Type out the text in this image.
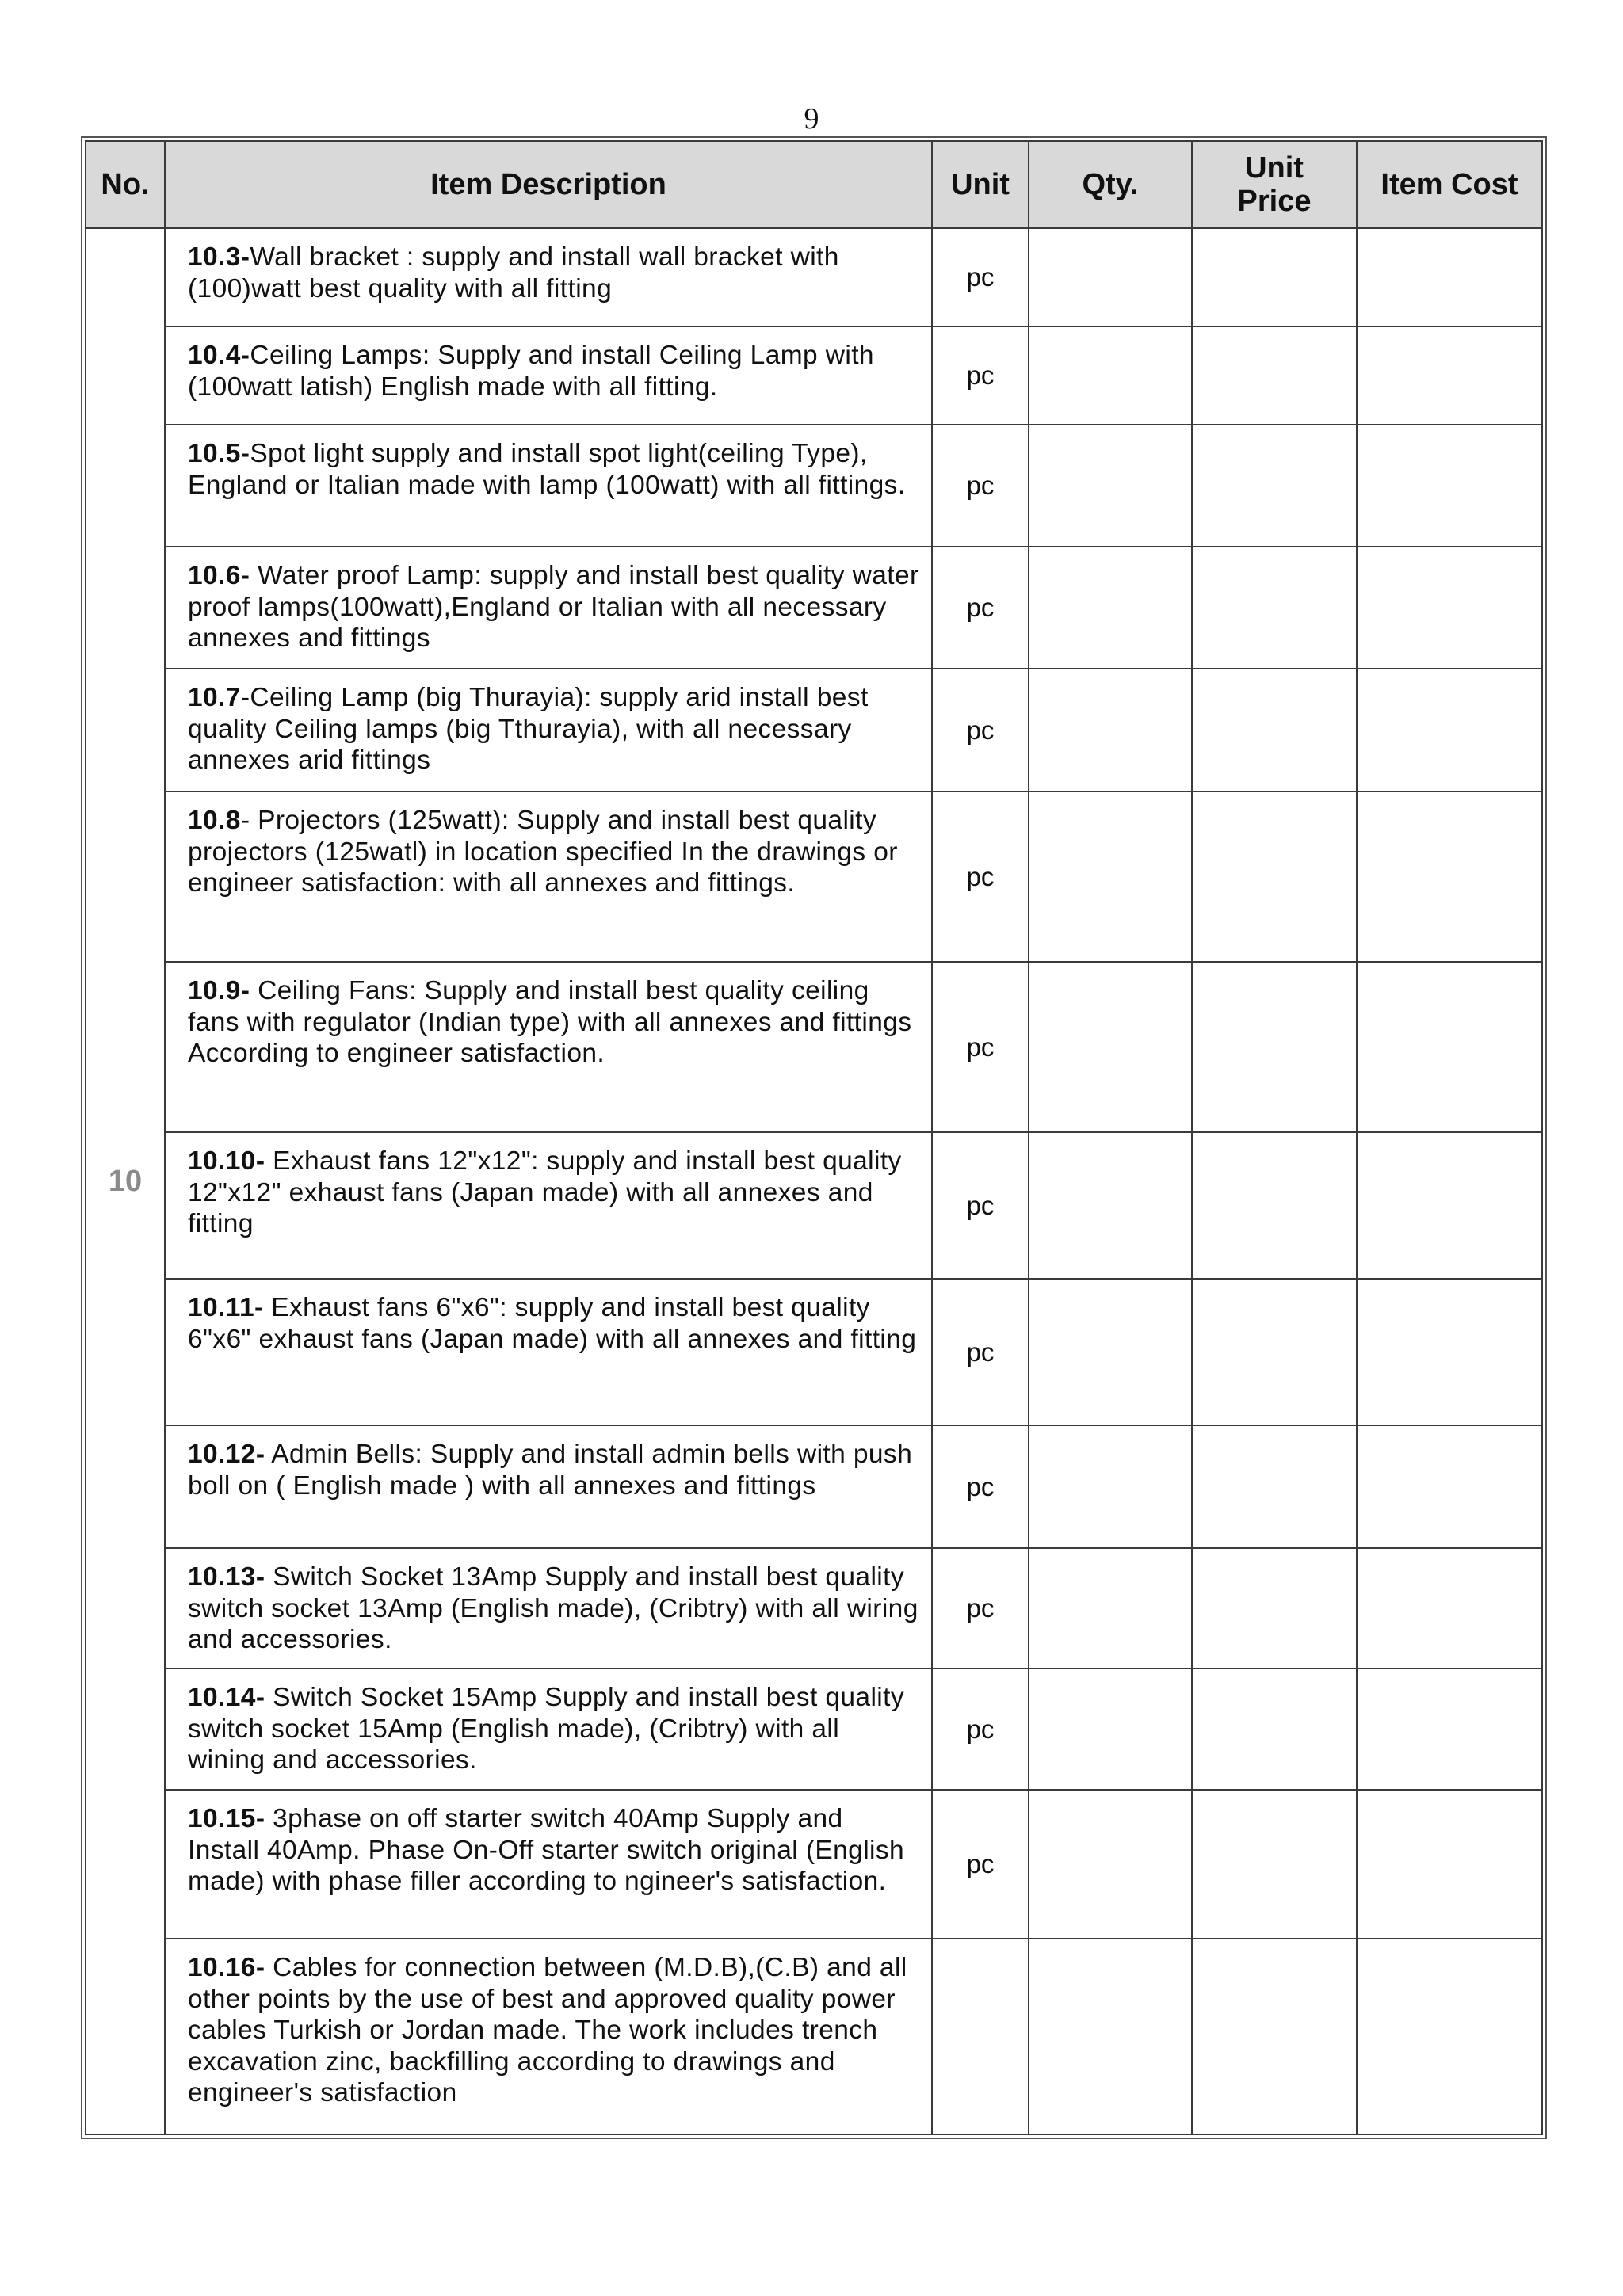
9
No.	Item Description	Unit	Qty.	Unit Price	Item Cost
10	10.3-Wall bracket : supply and install wall bracket with (100)watt best quality with all fitting	pc			
	10.4-Ceiling Lamps: Supply and install Ceiling Lamp with (100watt latish) English made with all fitting.	pc			
	10.5-Spot light supply and install spot light(ceiling Type), England or Italian made with lamp (100watt) with all fittings.	pc			
	10.6- Water proof Lamp: supply and install best quality water proof lamps(100watt),England or Italian with all necessary annexes and fittings	pc			
	10.7-Ceiling Lamp (big Thurayia): supply arid install best quality Ceiling lamps (big Tthurayia), with all necessary annexes arid fittings	pc			
	10.8- Projectors (125watt): Supply and install best quality projectors (125watl) in location specified In the drawings or engineer satisfaction: with all annexes and fittings.	pc			
	10.9- Ceiling Fans: Supply and install best quality ceiling fans with regulator (Indian type) with all annexes and fittings According to engineer satisfaction.	pc			
	10.10- Exhaust fans 12"x12": supply and install best quality 12"x12" exhaust fans (Japan made) with all annexes and fitting	pc			
	10.11- Exhaust fans 6"x6": supply and install best quality 6"x6" exhaust fans (Japan made) with all annexes and fitting	pc			
	10.12- Admin Bells: Supply and install admin bells with push boll on ( English made ) with all annexes and fittings	pc			
	10.13- Switch Socket 13Amp Supply and install best quality switch socket 13Amp (English made), (Cribtry) with all wiring and accessories.	pc			
	10.14- Switch Socket 15Amp Supply and install best quality switch socket 15Amp (English made), (Cribtry) with all wining and accessories.	pc			
	10.15- 3phase on off starter switch 40Amp Supply and Install 40Amp. Phase On-Off starter switch original (English made) with phase filler according to ngineer's satisfaction.	pc			
	10.16- Cables for connection between (M.D.B),(C.B) and all other points by the use of best and approved quality power cables Turkish or Jordan made. The work includes trench excavation zinc, backfilling according to drawings and engineer's satisfaction				
